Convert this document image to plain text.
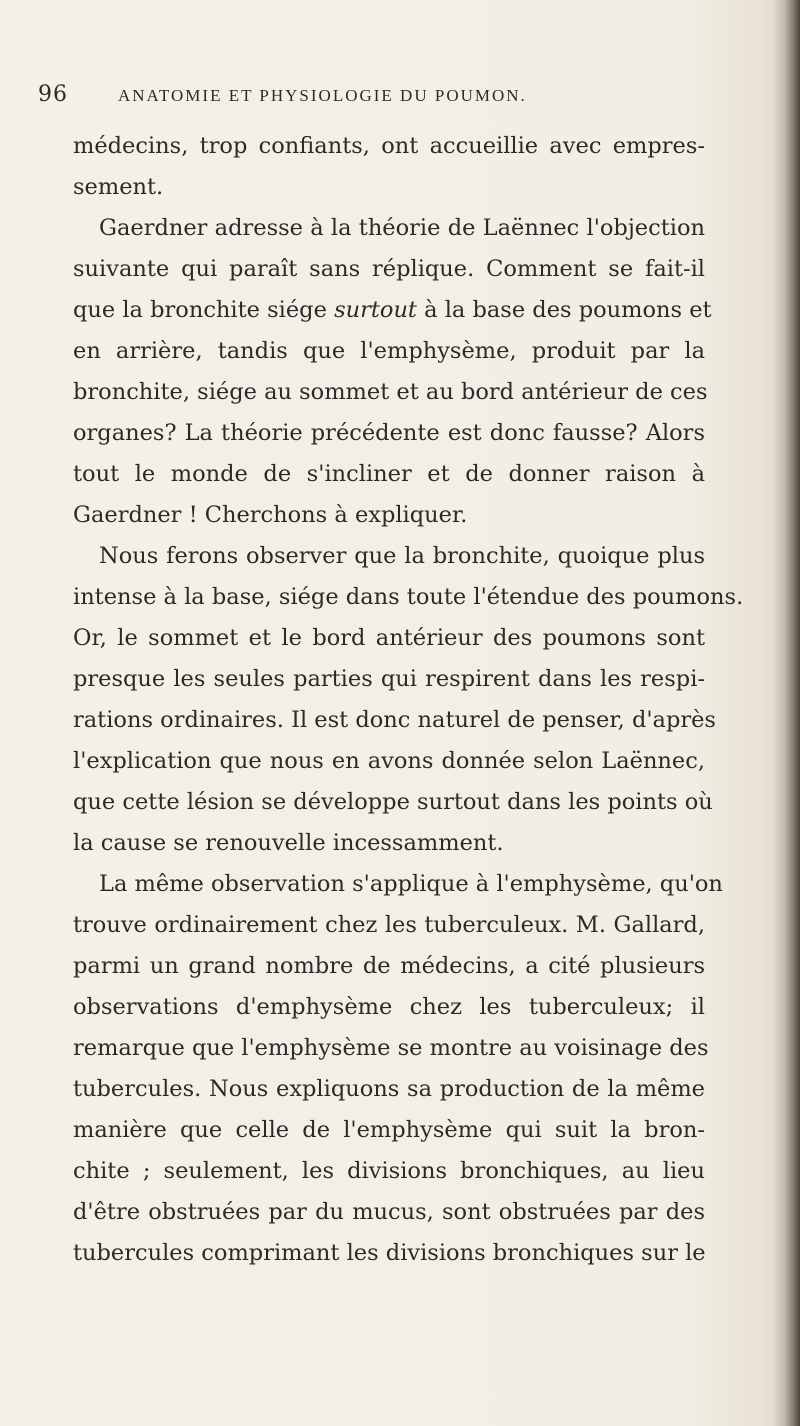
96	ANATOMIE ET PHYSIOLOGIE DU POUMON.
médecins, trop confiants, ont accueillie avec empres-
sement.
Gaerdner adresse à la théorie de Laënnec l'objection
suivante qui paraît sans réplique. Comment se fait-il
que la bronchite siége surtout à la base des poumons et
en arrière, tandis que l'emphysème, produit par la
bronchite, siége au sommet et au bord antérieur de ces
organes? La théorie précédente est donc fausse? Alors
tout le monde de s'incliner et de donner raison à
Gaerdner ! Cherchons à expliquer.
Nous ferons observer que la bronchite, quoique plus
intense à la base, siége dans toute l'étendue des poumons.
Or, le sommet et le bord antérieur des poumons sont
presque les seules parties qui respirent dans les respi-
rations ordinaires. Il est donc naturel de penser, d'après
l'explication que nous en avons donnée selon Laënnec,
que cette lésion se développe surtout dans les points où
la cause se renouvelle incessamment.
La même observation s'applique à l'emphysème, qu'on
trouve ordinairement chez les tuberculeux. M. Gallard,
parmi un grand nombre de médecins, a cité plusieurs
observations d'emphysème chez les tuberculeux; il
remarque que l'emphysème se montre au voisinage des
tubercules. Nous expliquons sa production de la même
manière que celle de l'emphysème qui suit la bron-
chite ; seulement, les divisions bronchiques, au lieu
d'être obstruées par du mucus, sont obstruées par des
tubercules comprimant les divisions bronchiques sur le
